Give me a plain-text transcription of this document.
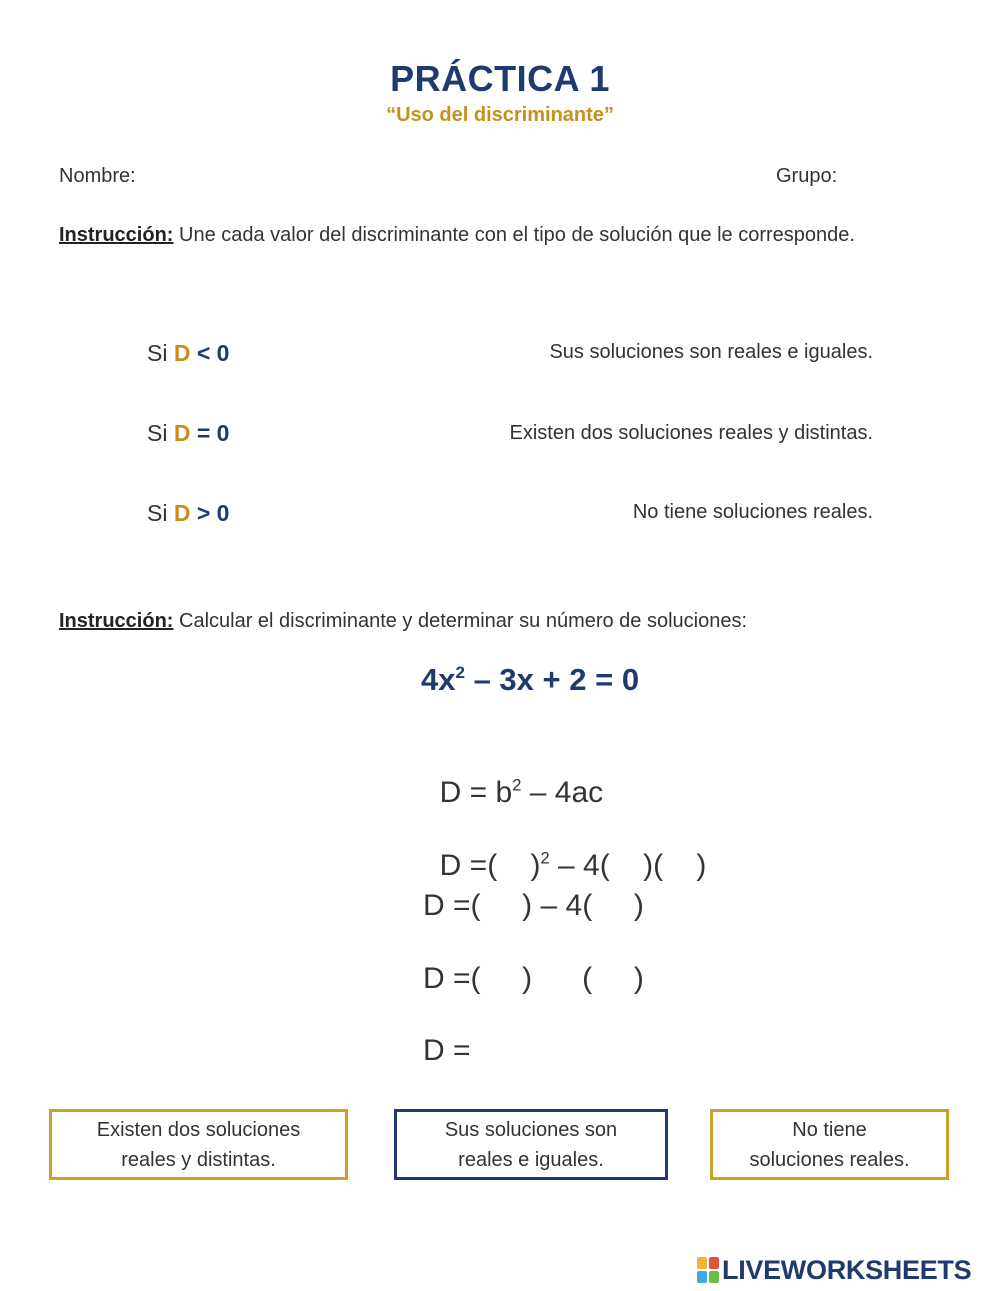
PRÁCTICA 1
“Uso del discriminante”
Nombre:	Grupo:
Instrucción: Une cada valor del discriminante con el tipo de solución que le corresponde.
Si D < 0
Si D = 0
Si D > 0
Sus soluciones son reales e iguales.
Existen dos soluciones reales y distintas.
No tiene soluciones reales.
Instrucción: Calcular el discriminante y determinar su número de soluciones:
$4x^2 - 3x + 2 = 0$

$D = b^2 - 4ac$

D =(    )$^2$ – 4(    )(    )

D =(     ) – 4(     )
D =(     )      (     )
D =
Existen dos soluciones
reales y distintas.
Sus soluciones son
reales e iguales.
No tiene
soluciones reales.
LIVEWORKSHEETS
